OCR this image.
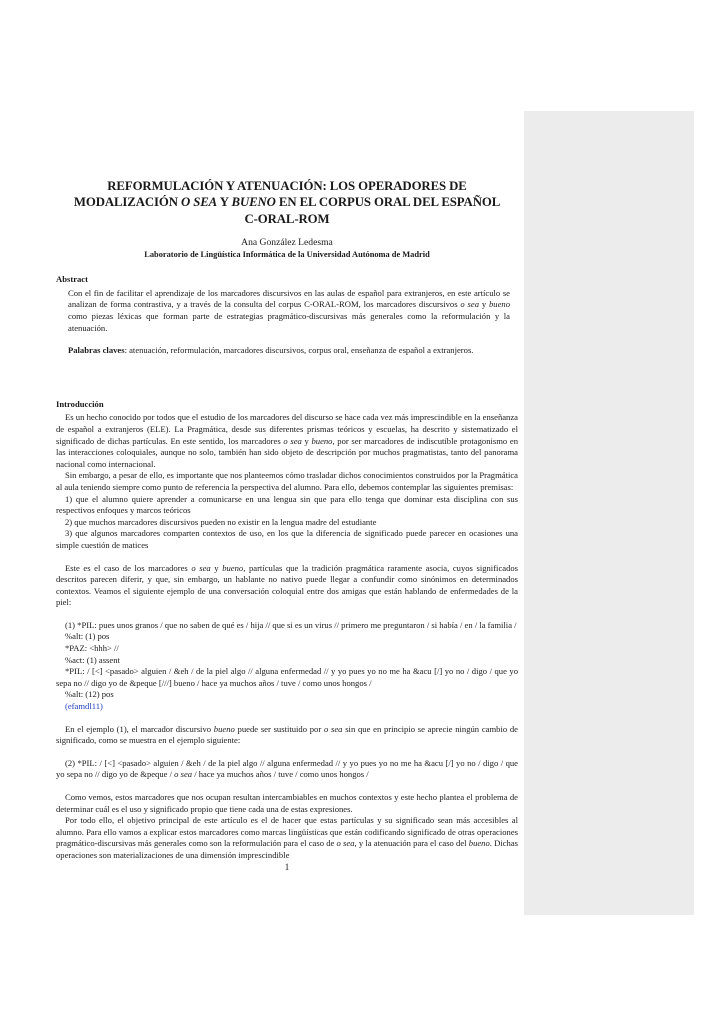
REFORMULACIÓN Y ATENUACIÓN: LOS OPERADORES DE
MODALIZACIÓN O SEA Y BUENO EN EL CORPUS ORAL DEL ESPAÑOL
C-ORAL-ROM
Ana González Ledesma
Laboratorio de Lingüística Informática de la Universidad Autónoma de Madrid
Abstract

Con el fin de facilitar el aprendizaje de los marcadores discursivos en las aulas de español para extranjeros, en este artículo se analizan de forma contrastiva, y a través de la consulta del corpus C-ORAL-ROM, los marcadores discursivos o sea y bueno como piezas léxicas que forman parte de estrategias pragmático-discursivas más generales como la reformulación y la atenuación.

Palabras claves: atenuación, reformulación, marcadores discursivos, corpus oral, enseñanza de español a extranjeros.

Introducción

Es un hecho conocido por todos que el estudio de los marcadores del discurso se hace cada vez más imprescindible en la enseñanza de español a extranjeros (ELE). La Pragmática, desde sus diferentes prismas teóricos y escuelas, ha descrito y sistematizado el significado de dichas partículas. En este sentido, los marcadores o sea y bueno, por ser marcadores de indiscutible protagonismo en las interacciones coloquiales, aunque no solo, también han sido objeto de descripción por muchos pragmatistas, tanto del panorama nacional como internacional.

Sin embargo, a pesar de ello, es importante que nos planteemos cómo trasladar dichos conocimientos construidos por la Pragmática al aula teniendo siempre como punto de referencia la perspectiva del alumno. Para ello, debemos contemplar las siguientes premisas:

1) que el alumno quiere aprender a comunicarse en una lengua sin que para ello tenga que dominar esta disciplina con sus respectivos enfoques y marcos teóricos

2) que muchos marcadores discursivos pueden no existir en la lengua madre del estudiante

3) que algunos marcadores comparten contextos de uso, en los que la diferencia de significado puede parecer en ocasiones una simple cuestión de matices

Este es el caso de los marcadores o sea y bueno, partículas que la tradición pragmática raramente asocia, cuyos significados descritos parecen diferir, y que, sin embargo, un hablante no nativo puede llegar a confundir como sinónimos en determinados contextos. Veamos el siguiente ejemplo de una conversación coloquial entre dos amigas que están hablando de enfermedades de la piel:

(1) *PIL: pues unos granos / que no saben de qué es / hija // que si es un virus // primero me preguntaron / si había / en / la familia /

%alt: (1) pos

*PAZ: <hhh> //

%act: (1) assent

*PIL: / [<] <pasado> alguien / &eh / de la piel algo // alguna enfermedad // y yo pues yo no me ha &acu [/] yo no / digo / que yo sepa no // digo yo de &peque [///] bueno / hace ya muchos años / tuve / como unos hongos /

%alt: (12) pos

(efamdl11)

En el ejemplo (1), el marcador discursivo bueno puede ser sustituido por o sea sin que en principio se aprecie ningún cambio de significado, como se muestra en el ejemplo siguiente:

(2) *PIL: / [<] <pasado> alguien / &eh / de la piel algo // alguna enfermedad // y yo pues yo no me ha &acu [/] yo no / digo / que yo sepa no // digo yo de &peque / o sea / hace ya muchos años / tuve / como unos hongos /

Como vemos, estos marcadores que nos ocupan resultan intercambiables en muchos contextos y este hecho plantea el problema de determinar cuál es el uso y significado propio que tiene cada una de estas expresiones.

Por todo ello, el objetivo principal de este artículo es el de hacer que estas partículas y su significado sean más accesibles al alumno. Para ello vamos a explicar estos marcadores como marcas lingüísticas que están codificando significado de otras operaciones pragmático-discursivas más generales como son la reformulación para el caso de o sea, y la atenuación para el caso del bueno. Dichas operaciones son materializaciones de una dimensión imprescindible

1
